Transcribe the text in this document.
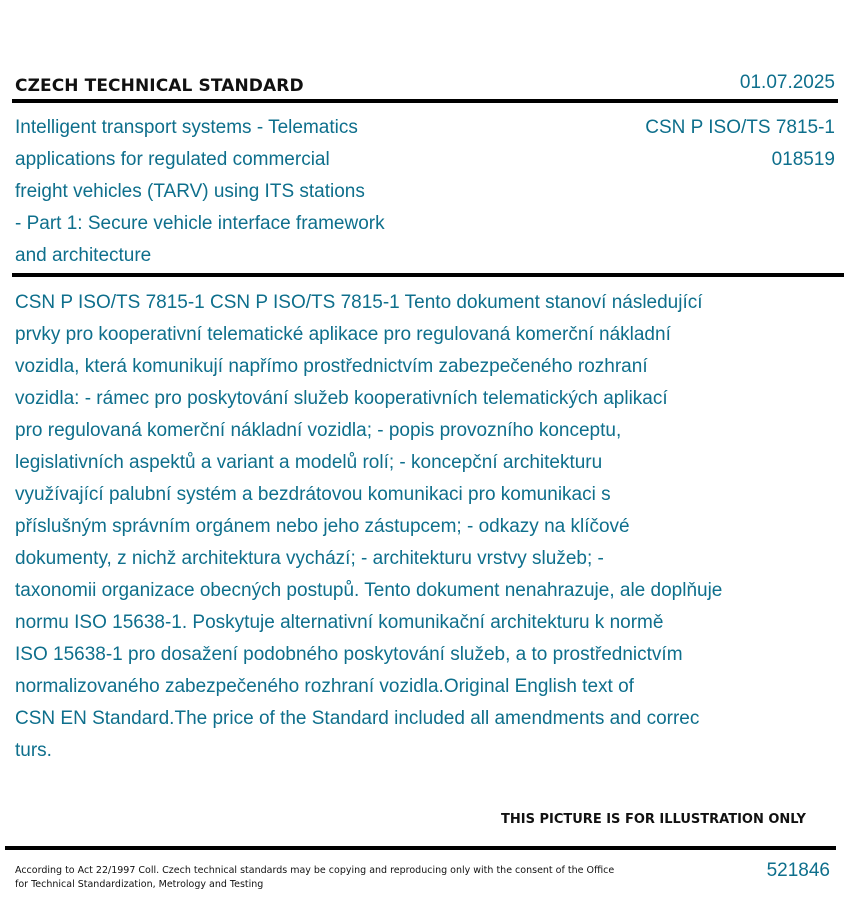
CZECH TECHNICAL STANDARD	01.07.2025
Intelligent transport systems - Telematics
applications for regulated commercial
freight vehicles (TARV) using ITS stations
- Part 1: Secure vehicle interface framework
and architecture
CSN P ISO/TS 7815-1
018519
CSN P ISO/TS 7815-1 CSN P ISO/TS 7815-1 Tento dokument stanoví následující
prvky pro kooperativní telematické aplikace pro regulovaná komerční nákladní
vozidla, která komunikují napřímo prostřednictvím zabezpečeného rozhraní
vozidla: - rámec pro poskytování služeb kooperativních telematických aplikací
pro regulovaná komerční nákladní vozidla; - popis provozního konceptu,
legislativních aspektů a variant a modelů rolí; - koncepční architekturu
využívající palubní systém a bezdrátovou komunikaci pro komunikaci s
příslušným správním orgánem nebo jeho zástupcem; - odkazy na klíčové
dokumenty, z nichž architektura vychází; - architekturu vrstvy služeb; -
taxonomii organizace obecných postupů. Tento dokument nenahrazuje, ale doplňuje
normu ISO 15638-1. Poskytuje alternativní komunikační architekturu k normě
ISO 15638-1 pro dosažení podobného poskytování služeb, a to prostřednictvím
normalizovaného zabezpečeného rozhraní vozidla.Original English text of
CSN EN Standard.The price of the Standard included all amendments and correc
turs.
THIS PICTURE IS FOR ILLUSTRATION ONLY
According to Act 22/1997 Coll. Czech technical standards may be copying and reproducing only with the consent of the Office
for Technical Standardization, Metrology and Testing
521846
